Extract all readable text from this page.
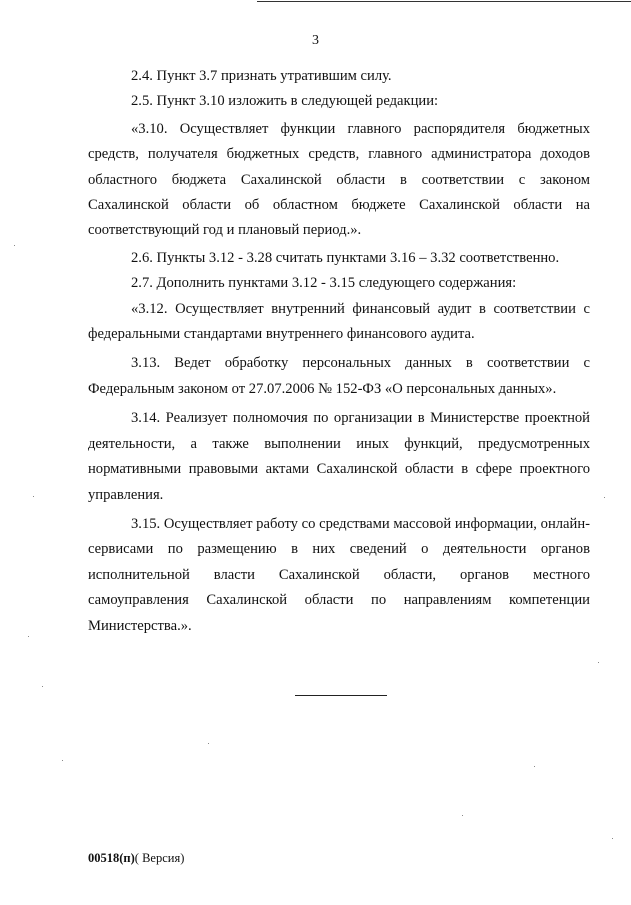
3

2.4. Пункт 3.7 признать утратившим силу.

2.5. Пункт 3.10 изложить в следующей редакции:

«3.10. Осуществляет функции главного распорядителя бюджетных средств, получателя бюджетных средств, главного администратора доходов областного бюджета Сахалинской области в соответствии с законом Сахалинской области об областном бюджете Сахалинской области на соответствующий год и плановый период.».

2.6. Пункты 3.12 - 3.28 считать пунктами 3.16 – 3.32 соответственно.

2.7. Дополнить пунктами 3.12 - 3.15 следующего содержания:

«3.12. Осуществляет внутренний финансовый аудит в соответствии с федеральными стандартами внутреннего финансового аудита.

3.13. Ведет обработку персональных данных в соответствии с Федеральным законом от 27.07.2006 № 152-ФЗ «О персональных данных».

3.14. Реализует полномочия по организации в Министерстве проектной деятельности, а также выполнении иных функций, предусмотренных нормативными правовыми актами Сахалинской области в сфере проектного управления.

3.15. Осуществляет работу со средствами массовой информации, онлайн-сервисами по размещению в них сведений о деятельности органов исполнительной власти Сахалинской области, органов местного самоуправления Сахалинской области по направлениям компетенции Министерства.».

00518(п)( Версия)
